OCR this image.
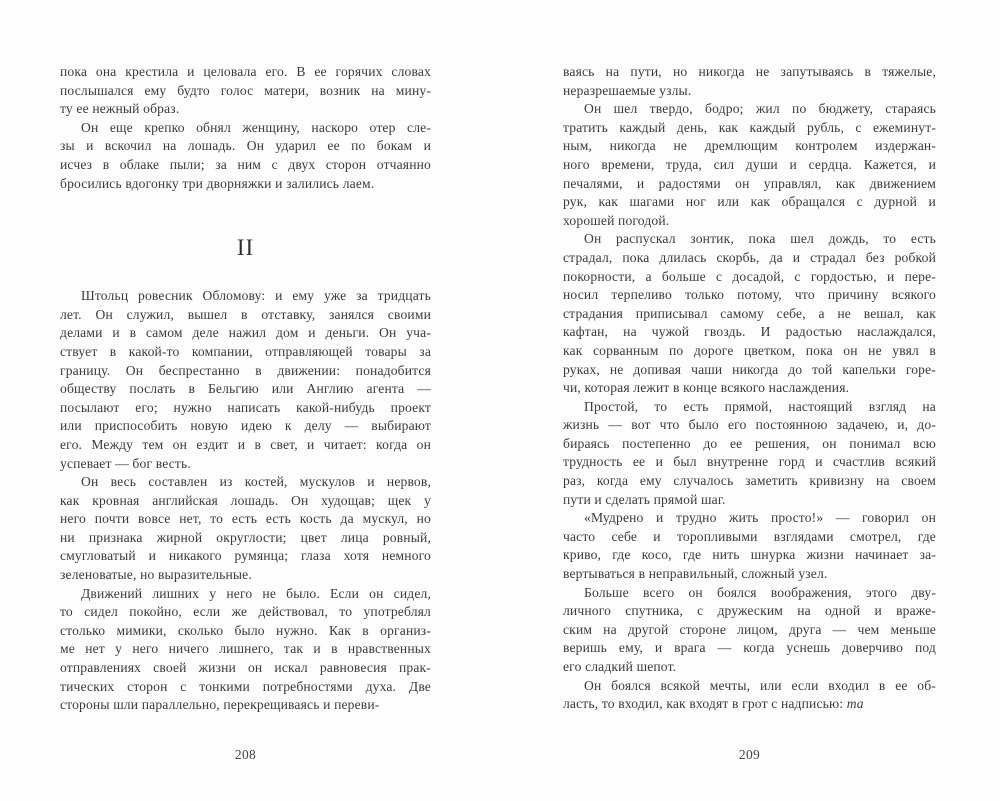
пока она крестила и целовала его. В ее горячих словах
послышался ему будто голос матери, возник на мину-
ту ее нежный образ.
Он еще крепко обнял женщину, наскоро отер сле-
зы и вскочил на лошадь. Он ударил ее по бокам и
исчез в облаке пыли; за ним с двух сторон отчаянно
бросились вдогонку три дворняжки и залились лаем.
II
Штольц ровесник Обломову: и ему уже за тридцать
лет. Он служил, вышел в отставку, занялся своими
делами и в самом деле нажил дом и деньги. Он уча-
ствует в какой-то компании, отправляющей товары за
границу. Он беспрестанно в движении: понадобится
обществу послать в Бельгию или Англию агента —
посылают его; нужно написать какой-нибудь проект
или приспособить новую идею к делу — выбирают
его. Между тем он ездит и в свет, и читает: когда он
успевает — бог весть.
Он весь составлен из костей, мускулов и нервов,
как кровная английская лошадь. Он худощав; щек у
него почти вовсе нет, то есть есть кость да мускул, но
ни признака жирной округлости; цвет лица ровный,
смугловатый и никакого румянца; глаза хотя немного
зеленоватые, но выразительные.
Движений лишних у него не было. Если он сидел,
то сидел покойно, если же действовал, то употреблял
столько мимики, сколько было нужно. Как в организ-
ме нет у него ничего лишнего, так и в нравственных
отправлениях своей жизни он искал равновесия прак-
тических сторон с тонкими потребностями духа. Две
стороны шли параллельно, перекрещиваясь и переви-
ваясь на пути, но никогда не запутываясь в тяжелые,
неразрешаемые узлы.
Он шел твердо, бодро; жил по бюджету, стараясь
тратить каждый день, как каждый рубль, с ежеминут-
ным, никогда не дремлющим контролем издержан-
ного времени, труда, сил души и сердца. Кажется, и
печалями, и радостями он управлял, как движением
рук, как шагами ног или как обращался с дурной и
хорошей погодой.
Он распускал зонтик, пока шел дождь, то есть
страдал, пока длилась скорбь, да и страдал без робкой
покорности, а больше с досадой, с гордостью, и пере-
носил терпеливо только потому, что причину всякого
страдания приписывал самому себе, а не вешал, как
кафтан, на чужой гвоздь. И радостью наслаждался,
как сорванным по дороге цветком, пока он не увял в
руках, не допивая чаши никогда до той капельки горе-
чи, которая лежит в конце всякого наслаждения.
Простой, то есть прямой, настоящий взгляд на
жизнь — вот что было его постоянною задачею, и, до-
бираясь постепенно до ее решения, он понимал всю
трудность ее и был внутренне горд и счастлив всякий
раз, когда ему случалось заметить кривизну на своем
пути и сделать прямой шаг.
«Мудрено и трудно жить просто!» — говорил он
часто себе и торопливыми взглядами смотрел, где
криво, где косо, где нить шнурка жизни начинает за-
вертываться в неправильный, сложный узел.
Больше всего он боялся воображения, этого дву-
личного спутника, с дружеским на одной и враже-
ским на другой стороне лицом, друга — чем меньше
веришь ему, и врага — когда уснешь доверчиво под
его сладкий шепот.
Он боялся всякой мечты, или если входил в ее об-
ласть, то входил, как входят в грот с надписью: ma
208	209
